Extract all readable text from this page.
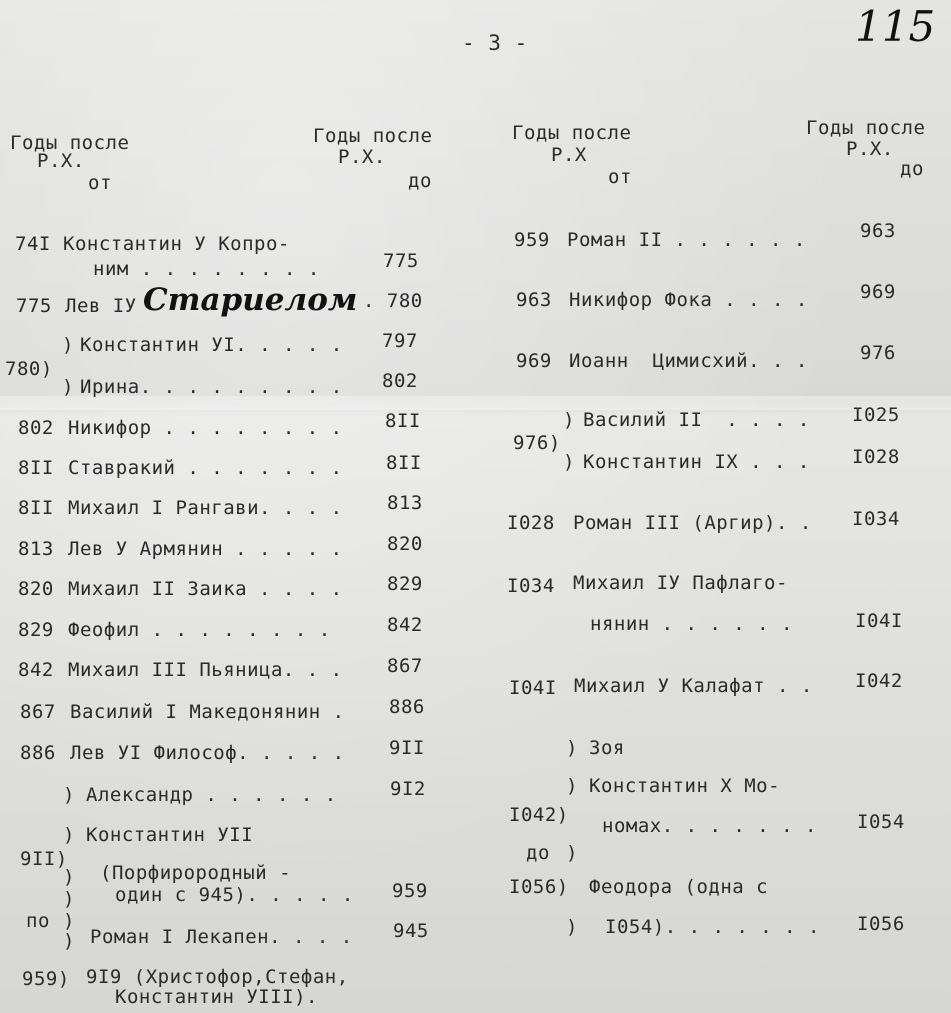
- 3 -	115
Годы после
Р.Х.
от
Годы после
Р.Х.
до
Годы после
Р.Х
от
Годы после
Р.Х.
до
74I Константин У Копро-
ним . . . . . . . .	775
775 Лев IУ Стариелом . 780
) Константин УI. . . . . 797
780)
) Ирина. . . . . . . . . 802
802 Никифор . . . . . . . . 8II
8II Ставракий . . . . . . . 8II
8II Михаил I Рангави. . . . 813
813 Лев У Армянин . . . . . 820
820 Михаил II Заика . . . . 829
829 Феофил . . . . . . . .	842
842 Михаил III Пьяница. . . 867
867 Василий I Македонянин . 886
886 Лев УI Философ. . . . . 9II
) Александр . . . . . .	9I2
) Константин УII
9II)
) (Порфирородный -
) один с 945). . . . . 959
по )
) Роман I Лекапен. . . . 945
959) 9I9 (Христофор,Стефан,
Константин УIII).
959 Роман II . . . . . .	963
963 Никифор Фока . . . .	969
969 Иоанн  Цимисхий. . .	976
) Василий II  . . . . I025
976)
) Константин IX . . . I028
I028 Роман III (Аргир). . I034
I034 Михаил IУ Пафлаго-
нянин . . . . . .	I04I
I04I Михаил У Калафат . . I042
) Зоя
) Константин Х Мо-
I042) номах. . . . . . . I054
до )
I056) Феодора (одна с
) I054). . . . . . . I056
